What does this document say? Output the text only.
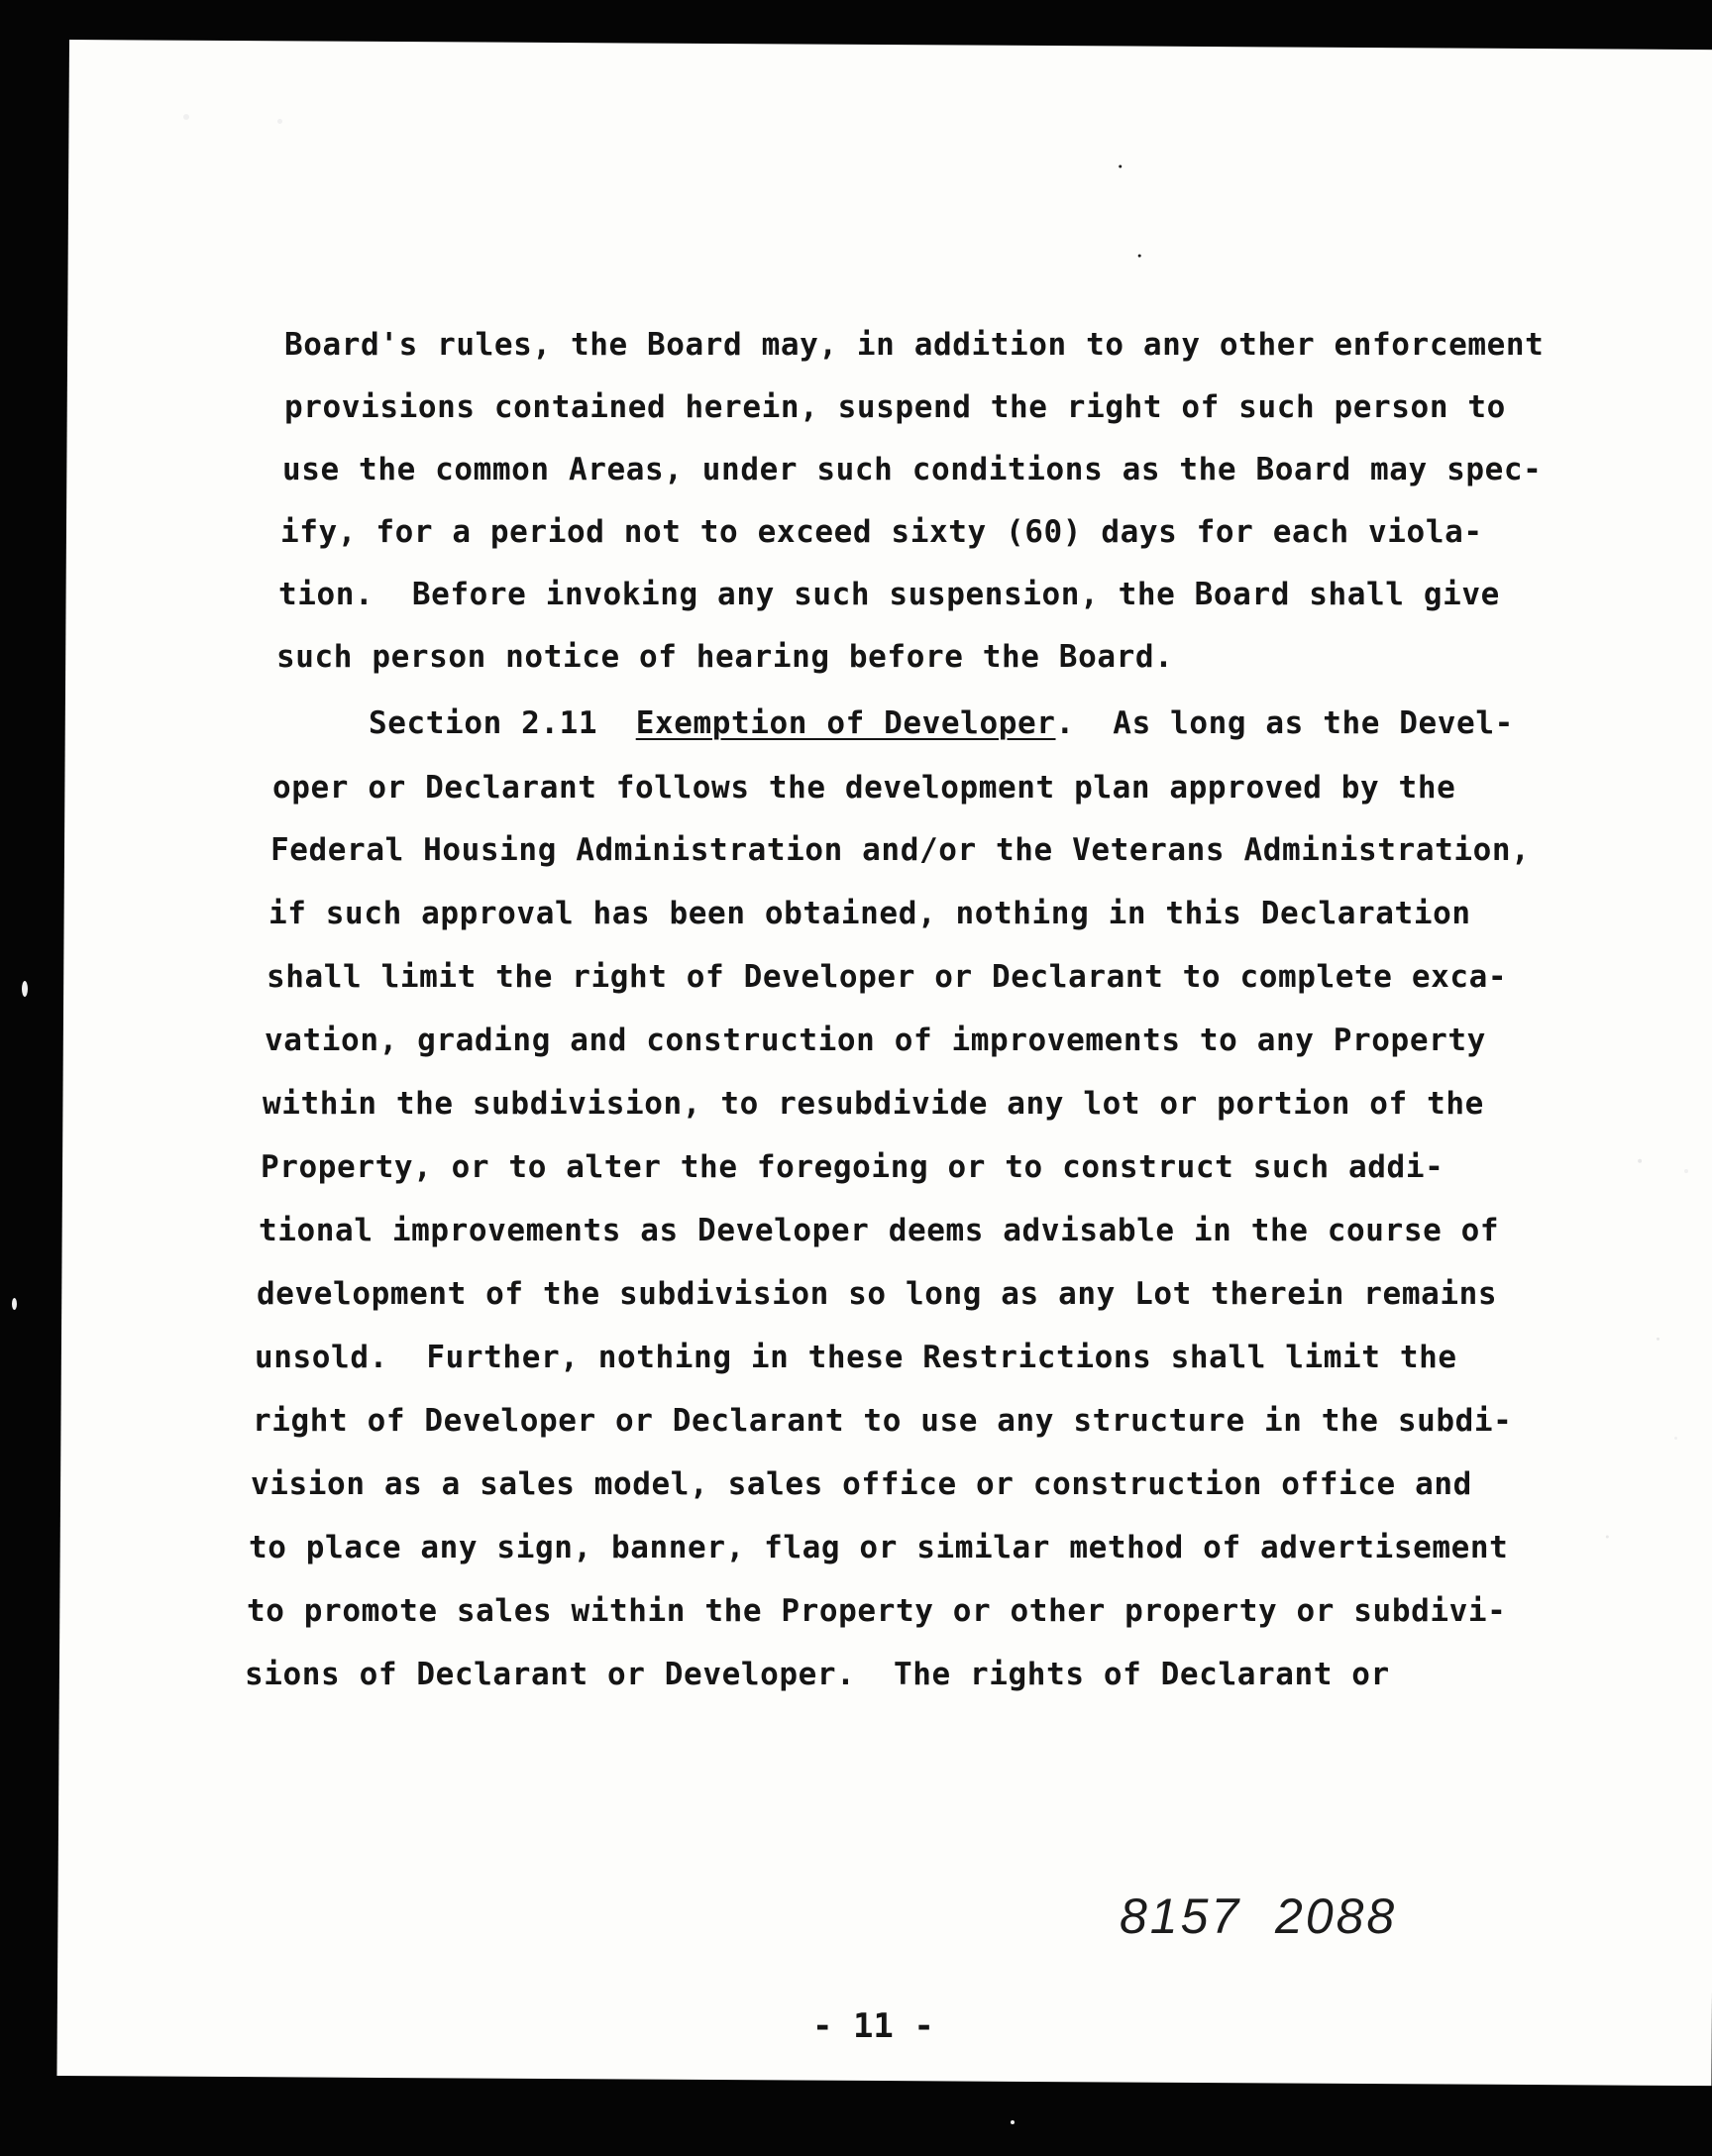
Board's rules, the Board may, in addition to any other enforcement
provisions contained herein, suspend the right of such person to
use the common Areas, under such conditions as the Board may spec-
ify, for a period not to exceed sixty (60) days for each viola-
tion.  Before invoking any such suspension, the Board shall give
such person notice of hearing before the Board.
Section 2.11 Exemption of Developer.  As long as the Devel-
oper or Declarant follows the development plan approved by the
Federal Housing Administration and/or the Veterans Administration,
if such approval has been obtained, nothing in this Declaration
shall limit the right of Developer or Declarant to complete exca-
vation, grading and construction of improvements to any Property
within the subdivision, to resubdivide any lot or portion of the
Property, or to alter the foregoing or to construct such addi-
tional improvements as Developer deems advisable in the course of
development of the subdivision so long as any Lot therein remains
unsold.  Further, nothing in these Restrictions shall limit the
right of Developer or Declarant to use any structure in the subdi-
vision as a sales model, sales office or construction office and
to place any sign, banner, flag or similar method of advertisement
to promote sales within the Property or other property or subdivi-
sions of Declarant or Developer.  The rights of Declarant or
8157  2088
- 11 -
